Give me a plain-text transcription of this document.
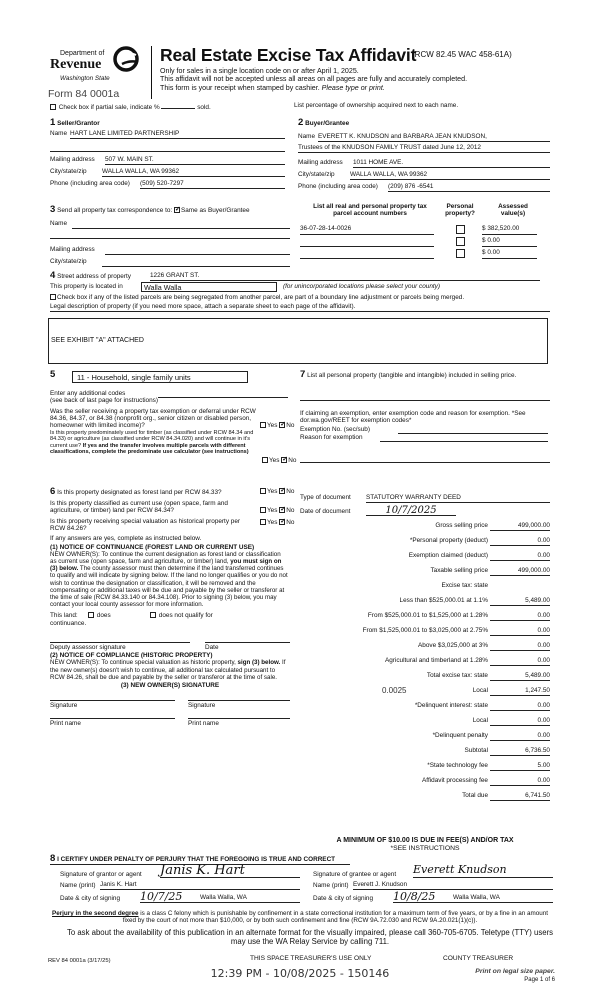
Department of
Revenue
Washington State
Form 84 0001a
Real Estate Excise Tax Affidavit
(RCW 82.45 WAC 458-61A)
Only for sales in a single location code on or after April 1, 2025.
This affidavit will not be accepted unless all areas on all pages are fully and accurately completed.
This form is your receipt when stamped by cashier. Please type or print.
Check box if partial sale, indicate %	sold.	List percentage of ownership acquired next to each name.
1 Seller/Grantor
Name HART LANE LIMITED PARTNERSHIP
Mailing address 507 W. MAIN ST.
City/state/zip WALLA WALLA, WA 99362
Phone (including area code) (509) 520-7297
2 Buyer/Grantee
Name EVERETT K. KNUDSON and BARBARA JEAN KNUDSON,
Trustees of the KNUDSON FAMILY TRUST dated June 12, 2012
Mailing address 1011 HOME AVE.
City/state/zip WALLA WALLA, WA 99362
Phone (including area code) (209) 876 -6541
3 Send all property tax correspondence to: ✓ Same as Buyer/Grantee
Name
Mailing address
City/state/zip
List all real and personal property tax parcel account numbers
Personal property?
Assessed value(s)
36-07-28-14-0026	$ 382,520.00
$ 0.00
$ 0.00
4 Street address of property	1226 GRANT ST.
This property is located in	Walla Walla	(for unincorporated locations please select your county)
Check box if any of the listed parcels are being segregated from another parcel, are part of a boundary line adjustment or parcels being merged.
Legal description of property (if you need more space, attach a separate sheet to each page of the affidavit).
SEE EXHIBIT "A" ATTACHED
5	11 - Household, single family units
Enter any additional codes
(see back of last page for instructions)
Was the seller receiving a property tax exemption or deferral under RCW 84.36, 84.37, or 84.38 (nonprofit org., senior citizen or disabled person, homeowner with limited income)?	Yes ✓ No
Is this property predominately used for timber (as classified under RCW 84.34 and 84.33) or agriculture (as classified under RCW 84.34.020) and will continue in it's current use? If yes and the transfer involves multiple parcels with different classifications, complete the predominate use calculator (see instructions)
Yes ✓ No
7 List all personal property (tangible and intangible) included in selling price.
If claiming an exemption, enter exemption code and reason for exemption. *See dor.wa.gov/REET for exemption codes*
Exemption No. (sec/sub)
Reason for exemption
6 Is this property designated as forest land per RCW 84.33?	Yes ✓ No
Is this property classified as current use (open space, farm and agriculture, or timber) land per RCW 84.34?	Yes ✓ No
Is this property receiving special valuation as historical property per RCW 84.26?
Yes ✓ No
If any answers are yes, complete as instructed below.
(1) NOTICE OF CONTINUANCE (FOREST LAND OR CURRENT USE)
NEW OWNER(S): To continue the current designation as forest land or classification as current use (open space, farm and agriculture, or timber) land, you must sign on (3) below. The county assessor must then determine if the land transferred continues to qualify and will indicate by signing below. If the land no longer qualifies or you do not wish to continue the designation or classification, it will be removed and the compensating or additional taxes will be due and payable by the seller or transferor at the time of sale (RCW 84.33.140 or 84.34.108). Prior to signing (3) below, you may contact your local county assessor for more information.
This land:	does	does not qualify for
continuance.
Deputy assessor signature	Date
(2) NOTICE OF COMPLIANCE (HISTORIC PROPERTY)
NEW OWNER(S): To continue special valuation as historic property, sign (3) below. If the new owner(s) doesn't wish to continue, all additional tax calculated pursuant to RCW 84.26, shall be due and payable by the seller or transferor at the time of sale.
(3) NEW OWNER(S) SIGNATURE
Signature	Signature
Print name	Print name
Type of document STATUTORY WARRANTY DEED
Date of document	10/7/2025
Gross selling price	499,000.00
*Personal property (deduct)	0.00
Exemption claimed (deduct)	0.00
Taxable selling price	499,000.00
Excise tax: state
Less than $525,000.01 at 1.1%	5,489.00
From $525,000.01 to $1,525,000 at 1.28%	0.00
From $1,525,000.01 to $3,025,000 at 2.75%	0.00
Above $3,025,000 at 3%	0.00
Agricultural and timberland at 1.28%	0.00
Total excise tax: state	5,489.00
Local	1,247.50
0.0025
*Delinquent interest: state	0.00
Local	0.00
*Delinquent penalty	0.00
Subtotal	6,736.50
*State technology fee	5.00
Affidavit processing fee	0.00
Total due	6,741.50
A MINIMUM OF $10.00 IS DUE IN FEE(S) AND/OR TAX
*SEE INSTRUCTIONS
8 I CERTIFY UNDER PENALTY OF PERJURY THAT THE FOREGOING IS TRUE AND CORRECT
Signature of grantor or agent Janis K. Hart
Name (print) Janis K. Hart
Date & city of signing 10/7/25	Walla Walla, WA
Signature of grantee or agent Everett Knudson
Name (print) Everett J. Knudson
Date & city of signing 10/8/25	Walla Walla, WA
Perjury in the second degree is a class C felony which is punishable by confinement in a state correctional institution for a maximum term of five years, or by a fine in an amount fixed by the court of not more than $10,000, or by both such confinement and fine (RCW 9A.72.030 and RCW 9A.20.021(1)(c)).
To ask about the availability of this publication in an alternate format for the visually impaired, please call 360-705-6705. Teletype (TTY) users may use the WA Relay Service by calling 711.
REV 84 0001a (3/17/25)	THIS SPACE TREASURER'S USE ONLY	COUNTY TREASURER
12:39 PM - 10/08/2025 - 150146	Print on legal size paper.
Page 1 of 6
